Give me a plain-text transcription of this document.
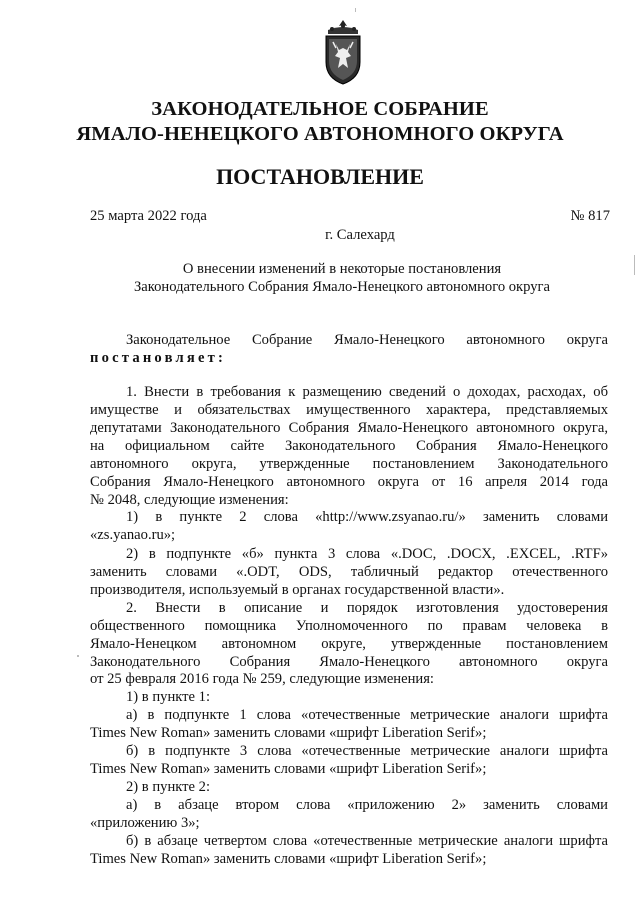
ЗАКОНОДАТЕЛЬНОЕ СОБРАНИЕ
ЯМАЛО-НЕНЕЦКОГО АВТОНОМНОГО ОКРУГА
ПОСТАНОВЛЕНИЕ
25 марта 2022 года	№ 817
г. Салехард
О внесении изменений в некоторые постановления
Законодательного Собрания Ямало-Ненецкого автономного округа
Законодательное Собрание Ямало-Ненецкого автономного округа
постановляет:
1. Внести в требования к размещению сведений о доходах, расходах, об
имуществе и обязательствах имущественного характера, представляемых
депутатами Законодательного Собрания Ямало-Ненецкого автономного округа,
на официальном сайте Законодательного Собрания Ямало-Ненецкого
автономного округа, утвержденные постановлением Законодательного
Собрания Ямало-Ненецкого автономного округа от 16 апреля 2014 года
№ 2048, следующие изменения:
1) в пункте 2 слова «http://www.zsyanao.ru/» заменить словами
«zs.yanao.ru»;
2) в подпункте «б» пункта 3 слова «.DOC, .DOCX, .EXCEL, .RTF»
заменить словами «.ODT, ODS, табличный редактор отечественного
производителя, используемый в органах государственной власти».
2. Внести в описание и порядок изготовления удостоверения
общественного помощника Уполномоченного по правам человека в
Ямало-Ненецком автономном округе, утвержденные постановлением
Законодательного Собрания Ямало-Ненецкого автономного округа
от 25 февраля 2016 года № 259, следующие изменения:
1) в пункте 1:
а) в подпункте 1 слова «отечественные метрические аналоги шрифта
Times New Roman» заменить словами «шрифт Liberation Serif»;
б) в подпункте 3 слова «отечественные метрические аналоги шрифта
Times New Roman» заменить словами «шрифт Liberation Serif»;
2) в пункте 2:
а) в абзаце втором слова «приложению 2» заменить словами
«приложению 3»;
б) в абзаце четвертом слова «отечественные метрические аналоги шрифта
Times New Roman» заменить словами «шрифт Liberation Serif»;
